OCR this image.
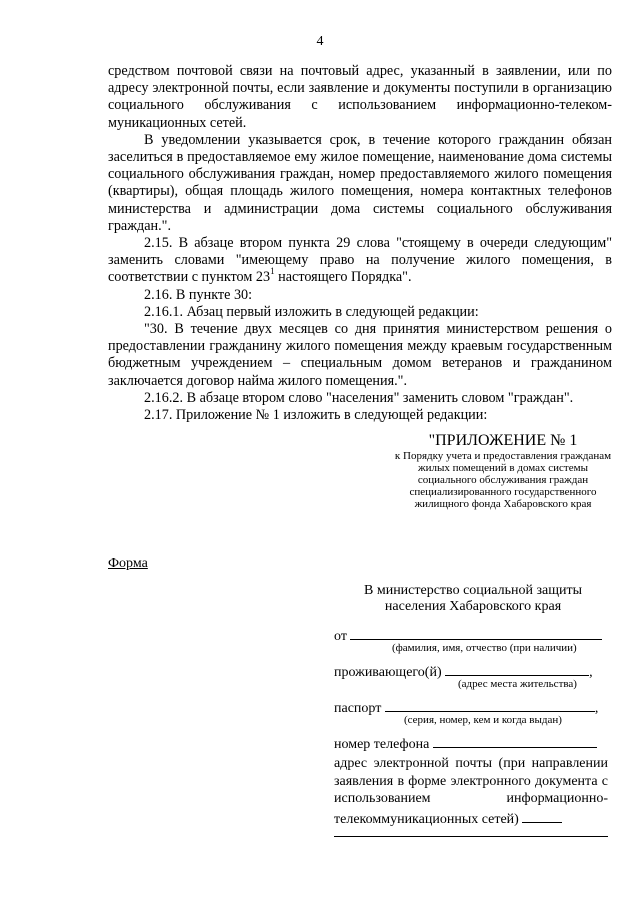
4

средством почтовой связи на почтовый адрес, указанный в заявлении, или по адресу электронной почты, если заявление и документы поступили в организацию социального обслуживания с использованием информационно-телеком- муникационных сетей.

В уведомлении указывается срок, в течение которого гражданин обязан заселиться в предоставляемое ему жилое помещение, наименование дома системы социального обслуживания граждан, номер предоставляемого жилого помещения (квартиры), общая площадь жилого помещения, номера контактных телефонов министерства и администрации дома системы социального обслуживания граждан.".

2.15. В абзаце втором пункта 29 слова "стоящему в очереди следующим" заменить словами "имеющему право на получение жилого помещения, в соответствии с пунктом $23^1$ настоящего Порядка".

2.16. В пункте 30:

2.16.1. Абзац первый изложить в следующей редакции:

"30. В течение двух месяцев со дня принятия министерством решения о предоставлении гражданину жилого помещения между краевым государственным бюджетным учреждением – специальным домом ветеранов и гражданином заключается договор найма жилого помещения.".

2.16.2. В абзаце втором слово "населения" заменить словом "граждан".

2.17. Приложение № 1 изложить в следующей редакции:

"ПРИЛОЖЕНИЕ № 1
к Порядку учета и предоставления гражданам жилых помещений в домах системы социального обслуживания граждан специализированного государственного жилищного фонда Хабаровского края
Форма
В министерство социальной защиты населения Хабаровского края
от
(фамилия, имя, отчество (при наличии)
проживающего(й)	,
(адрес места жительства)
паспорт	,
(серия, номер, кем и когда выдан)
номер телефона
адрес электронной почты (при направлении заявления в форме электронного документа с использованием информационно-телекоммуникационных сетей)
